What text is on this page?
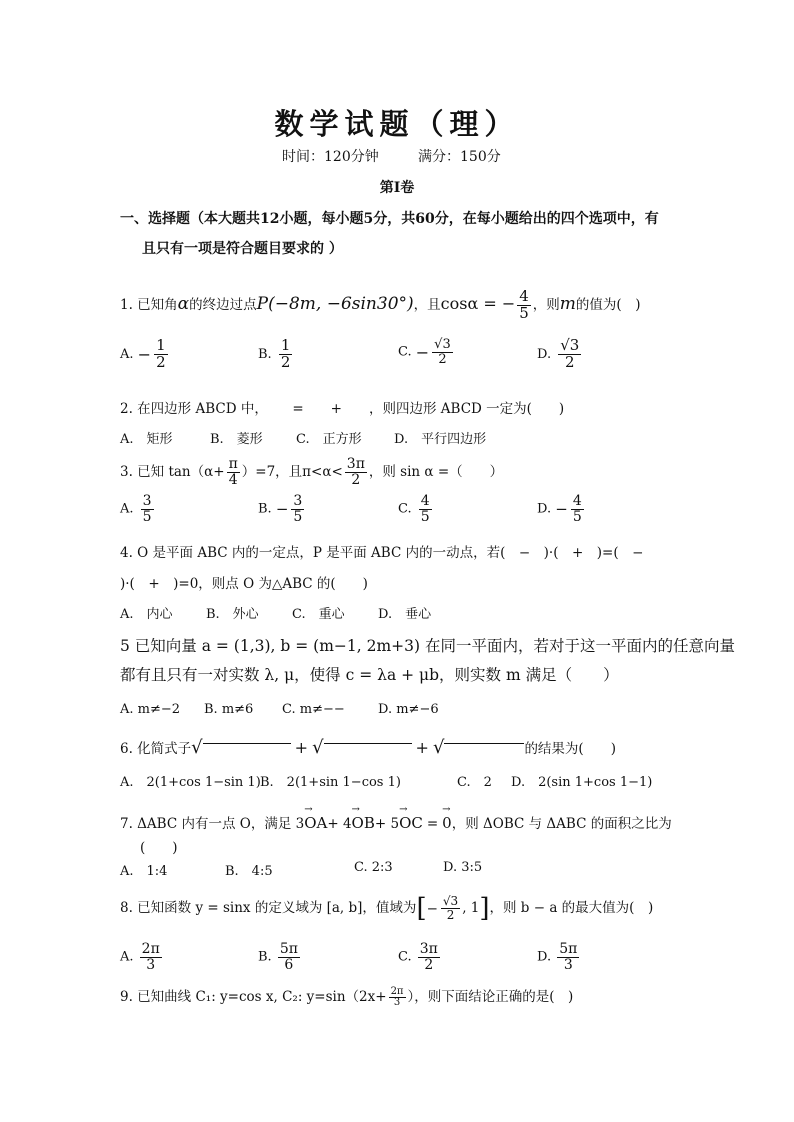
数学试题（理）
时间：120分钟	满分：150分
第Ⅰ卷
一、选择题（本大题共12小题，每小题5分，共60分，在每小题给出的四个选项中，有
且只有一项是符合题目要求的 ）
1. 已知角α的终边过点P(−8m, −6sin30°)，且cosα = − $\frac{4}{5}$ ，则m的值为(　)
A. − $\frac{1}{2}$	B. $\frac{1}{2}$	C. − $\frac{√3}{2}$	D. $\frac{√3}{2}$
2. 在四边形 ABCD 中，　　 =　　+　　，则四边形 ABCD 一定为(　　)
A.　矩形	B.　菱形	C.　正方形 D.　平行四边形
3. 已知 $\tan(\alpha+ \frac{\pi}{4} )=7$，且$\pi<\alpha< \frac{3\pi}{2}$ ，则 sin α =（　　）
A. $\frac{3}{5}$	B. − $\frac{3}{5}$	C. $\frac{4}{5}$	D. − $\frac{4}{5}$
4. O 是平面 ABC 内的一定点，P 是平面 ABC 内的一动点，若(　−　)·(　+　)=(　−
)·(　+　)=0，则点 O 为△ABC 的(　　)
A.　内心	B.　外心	C.　重心	D.　垂心
5 已知向量 a = (1,3), b = (m−1, 2m+3) 在同一平面内，若对于这一平面内的任意向量
都有且只有一对实数 λ, μ，使得 c = λa + μb，则实数 m 满足（　　）
A. m≠−2 B. m≠6 C. m≠−−	D. m≠−6
6. 化简式子√	+ √	+ √	的结果为(　　)
A.　2(1+cos 1−sin 1) B.　2(1+sin 1−cos 1)	C.　2 D.　2(sin 1+cos 1−1)
7. ΔABC 内有一点 O，满足 3→ OA+ 4→ OB+ 5→ OC =→ 0，则 ΔOBC 与 ΔABC 的面积之比为
(　　)
A.　1:4	B.　4:5	C. 2:3	D. 3:5
8. 已知函数 y = sinx 的定义域为 [a, b]，值域为[− $\frac{√3}{2}$ , 1]，则 b − a 的最大值为(　)
A. $\frac{2\pi}{3}$	B. $\frac{5\pi}{6}$	C. $\frac{3\pi}{2}$	D. $\frac{5\pi}{3}$
9. 已知曲线 C₁: y=cos x, C₂: $y=\sin(2x+ \frac{2\pi}{3}$ ），则下面结论正确的是(　)
